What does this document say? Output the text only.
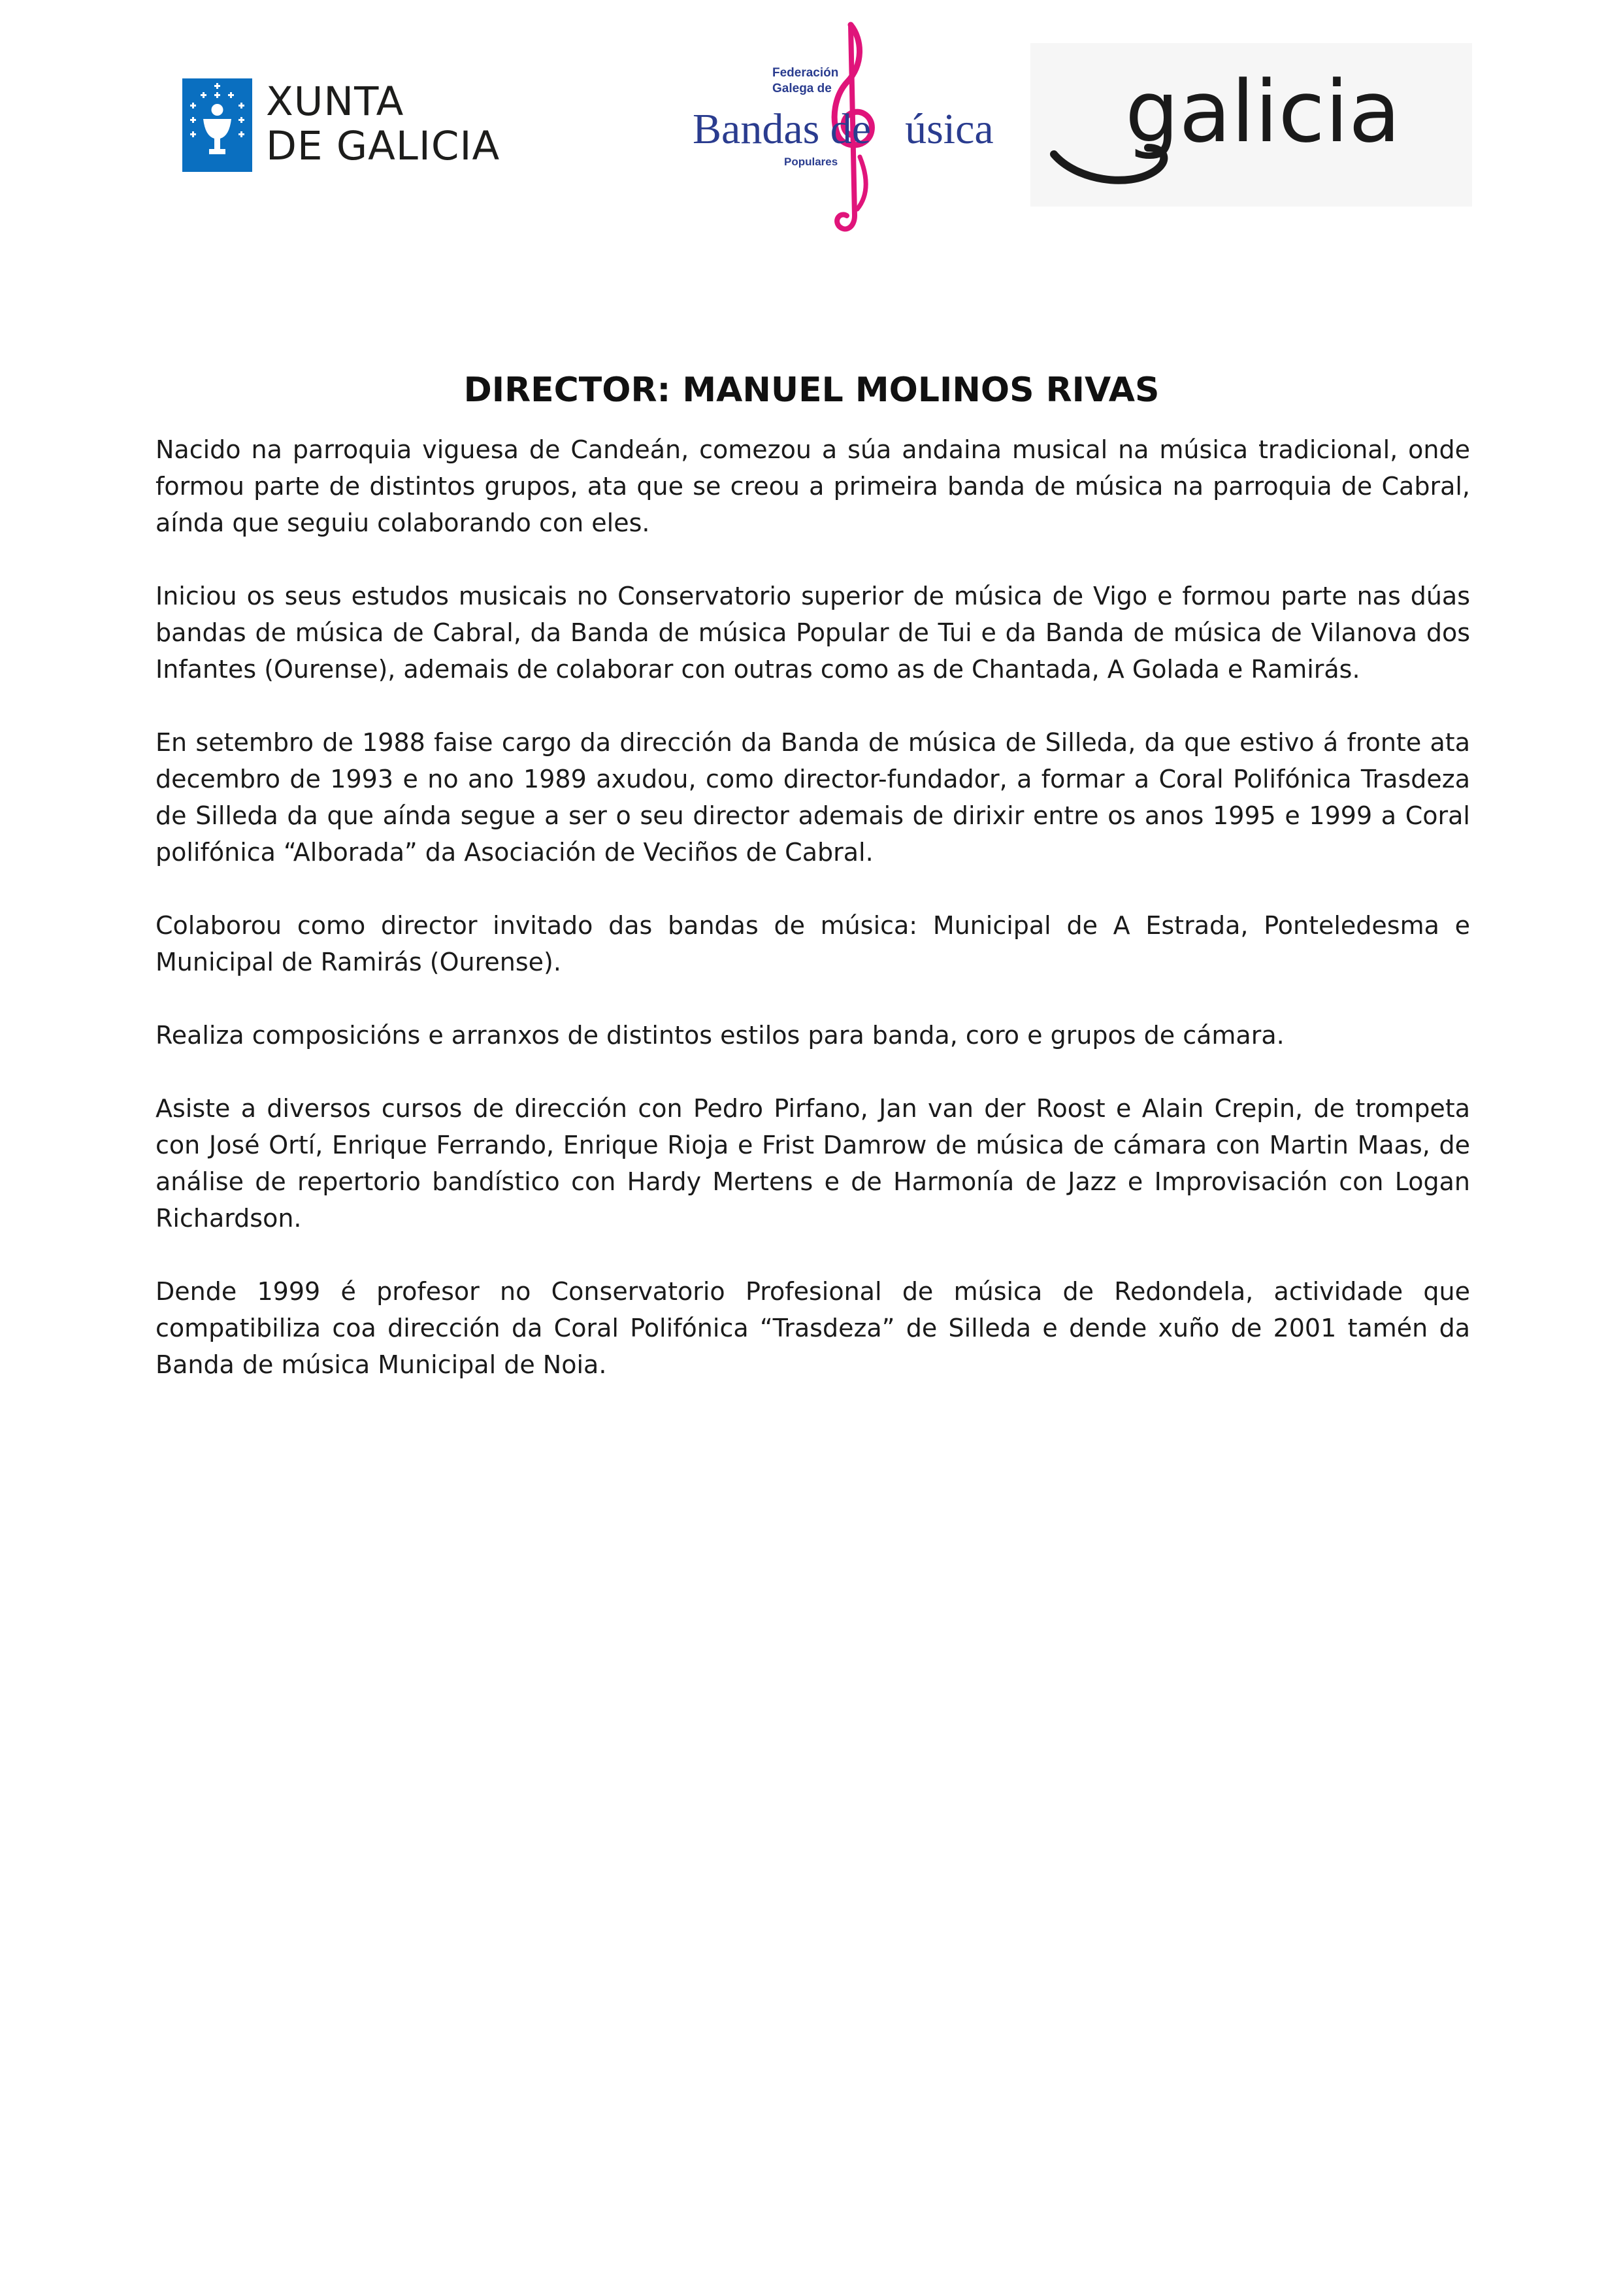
XUNTA
DE GALICIA
Federación
Galega de
Bandas de úsica
Populares
galicia
DIRECTOR: MANUEL MOLINOS RIVAS

Nacido na parroquia viguesa de Candeán, comezou a súa andaina musical na música tradicional, onde formou parte de distintos grupos, ata que se creou a primeira banda de música na parroquia de Cabral, aínda que seguiu colaborando con eles.

Iniciou os seus estudos musicais no Conservatorio superior de música de Vigo e formou parte nas dúas bandas de música de Cabral, da Banda de música Popular de Tui e da Banda de música de Vilanova dos Infantes (Ourense), ademais de colaborar con outras como as de Chantada, A Golada e Ramirás.

En setembro de 1988 faise cargo da dirección da Banda de música de Silleda, da que estivo á fronte ata decembro de 1993 e no ano 1989 axudou, como director-fundador, a formar a Coral Polifónica Trasdeza de Silleda da que aínda segue a ser o seu director ademais de dirixir entre os anos 1995 e 1999 a Coral polifónica “Alborada” da Asociación de Veciños de Cabral.

Colaborou como director invitado das bandas de música: Municipal de A Estrada, Ponteledesma e Municipal de Ramirás (Ourense).

Realiza composicións e arranxos de distintos estilos para banda, coro e grupos de cámara.

Asiste a diversos cursos de dirección con Pedro Pirfano, Jan van der Roost e Alain Crepin, de trompeta con José Ortí, Enrique Ferrando, Enrique Rioja e Frist Damrow de música de cámara con Martin Maas, de análise de repertorio bandístico con Hardy Mertens e de Harmonía de Jazz e Improvisación con Logan Richardson.

Dende 1999 é profesor no Conservatorio Profesional de música de Redondela, actividade que compatibiliza coa dirección da Coral Polifónica “Trasdeza” de Silleda e dende xuño de 2001 tamén da Banda de música Municipal de Noia.
